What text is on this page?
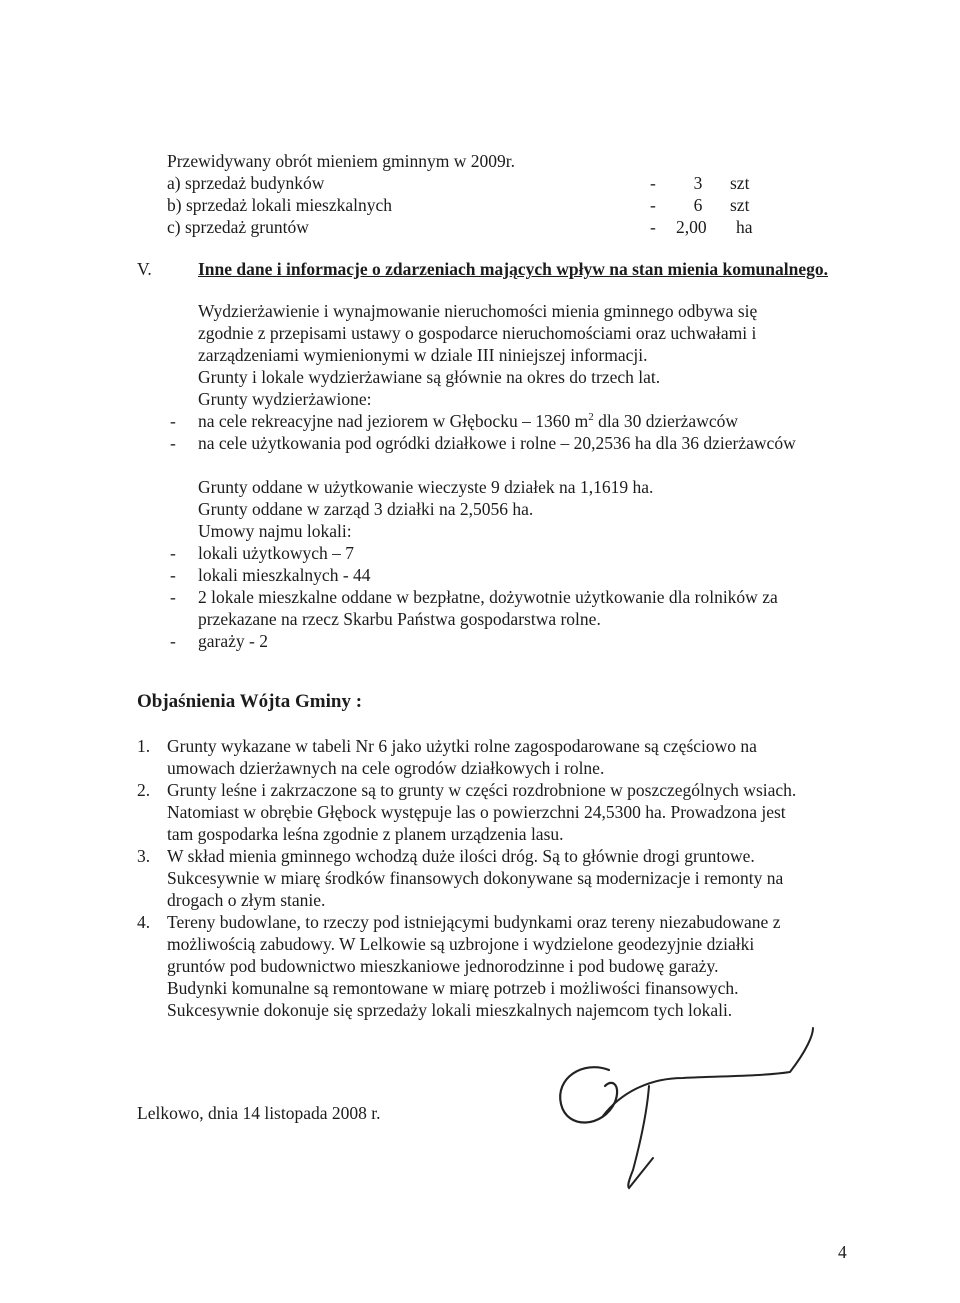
Przewidywany obrót mieniem gminnym w 2009r.
a) sprzedaż budynków	-	3	szt
b) sprzedaż lokali mieszkalnych	-	6	szt
c) sprzedaż gruntów	- 2,00 ha
V.	Inne dane i informacje o zdarzeniach mających wpływ na stan mienia komunalnego.
Wydzierżawienie i wynajmowanie nieruchomości mienia gminnego odbywa się
zgodnie z przepisami ustawy o gospodarce nieruchomościami oraz uchwałami i
zarządzeniami wymienionymi w dziale III niniejszej informacji.
Grunty i lokale wydzierżawiane są głównie na okres do trzech lat.
Grunty wydzierżawione:
- na cele rekreacyjne nad jeziorem w Głębocku – 1360 $m^2$ dla 30 dzierżawców
- na cele użytkowania pod ogródki działkowe i rolne – 20,2536 ha dla 36 dzierżawców
Grunty oddane w użytkowanie wieczyste 9 działek na 1,1619 ha.
Grunty oddane w zarząd 3 działki na 2,5056 ha.
Umowy najmu lokali:
- lokali użytkowych – 7
- lokali mieszkalnych - 44
- 2 lokale mieszkalne oddane w bezpłatne, dożywotnie użytkowanie dla rolników za
przekazane na rzecz Skarbu Państwa gospodarstwa rolne.
- garaży - 2
Objaśnienia Wójta Gminy :
1. Grunty wykazane w tabeli Nr 6 jako użytki rolne zagospodarowane są częściowo na
umowach dzierżawnych na cele ogrodów działkowych i rolne.
2. Grunty leśne i zakrzaczone są to grunty w części rozdrobnione w poszczególnych wsiach.
Natomiast w obrębie Głębock występuje las o powierzchni 24,5300 ha. Prowadzona jest
tam gospodarka leśna zgodnie z planem urządzenia lasu.
3. W skład mienia gminnego wchodzą duże ilości dróg. Są to głównie drogi gruntowe.
Sukcesywnie w miarę środków finansowych dokonywane są modernizacje i remonty na
drogach o złym stanie.
4. Tereny budowlane, to rzeczy pod istniejącymi budynkami oraz tereny niezabudowane z
możliwością zabudowy. W Lelkowie są uzbrojone i wydzielone geodezyjnie działki
gruntów pod budownictwo mieszkaniowe jednorodzinne i pod budowę garaży.
Budynki komunalne są remontowane w miarę potrzeb i możliwości finansowych.
Sukcesywnie dokonuje się sprzedaży lokali mieszkalnych najemcom tych lokali.
Lelkowo, dnia 14 listopada 2008 r.
4
